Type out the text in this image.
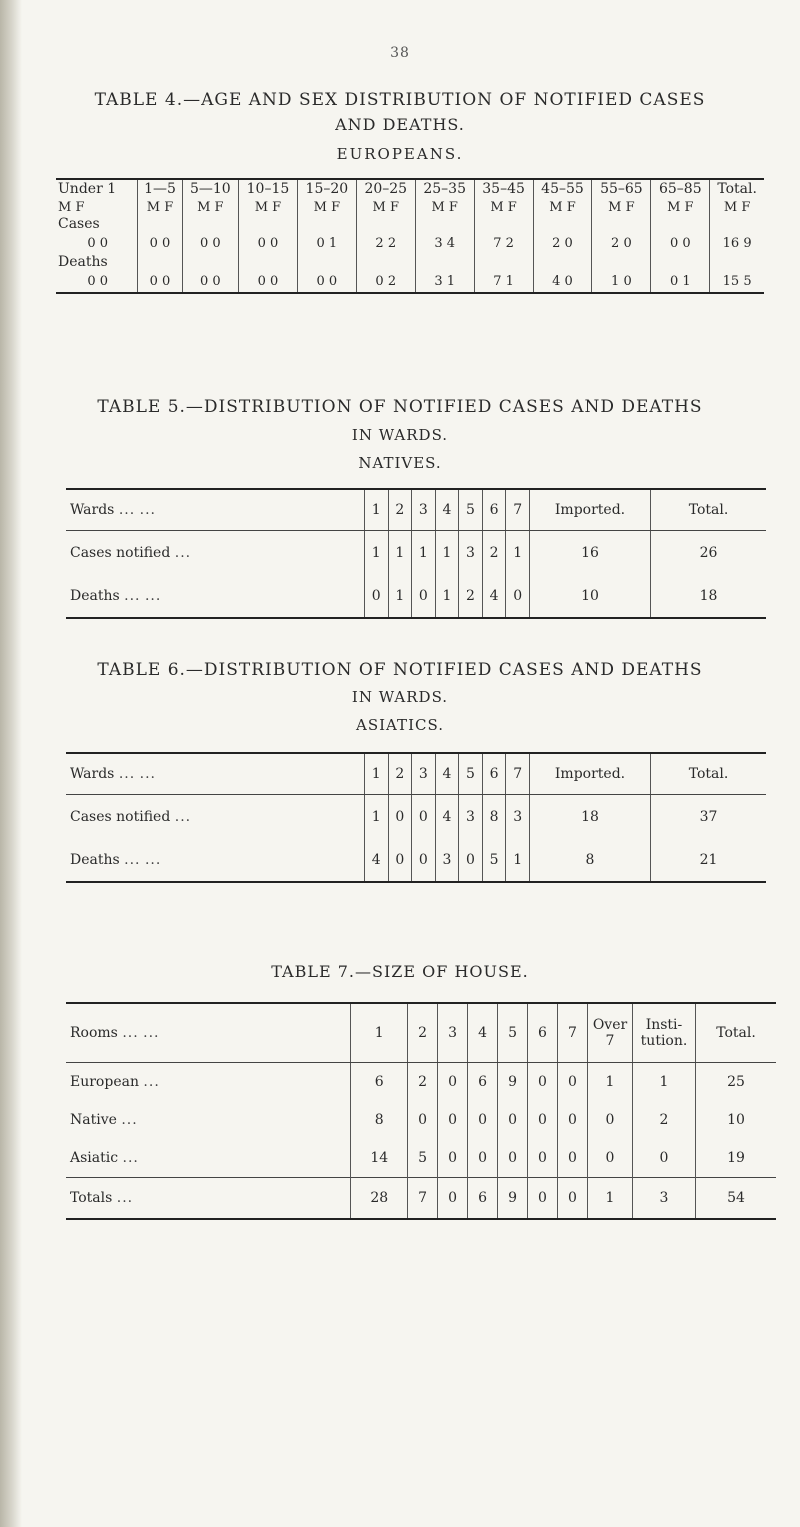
38
TABLE 4.—AGE AND SEX DISTRIBUTION OF NOTIFIED CASES
AND DEATHS.
EUROPEANS.
Under 1	1—5	5—10	10–15	15–20	20–25	25–35	35–45	45–55	55–65	65–85	Total.
M F	M F	M F	M F	M F	M F	M F	M F	M F	M F	M F	M F
Cases											
0 0	0 0	0 0	0 0	0 1	2 2	3 4	7 2	2 0	2 0	0 0	16 9
Deaths											
0 0	0 0	0 0	0 0	0 0	0 2	3 1	7 1	4 0	1 0	0 1	15 5
TABLE 5.—DISTRIBUTION OF NOTIFIED CASES AND DEATHS
IN WARDS.
NATIVES.
Wards ... ...	1	2	3	4	5	6	7	Imported.	Total.
Cases notified ...	1	1	1	1	3	2	1	16	26
Deaths ... ...	0	1	0	1	2	4	0	10	18
TABLE 6.—DISTRIBUTION OF NOTIFIED CASES AND DEATHS
IN WARDS.
ASIATICS.
Wards ... ...	1	2	3	4	5	6	7	Imported.	Total.
Cases notified ...	1	0	0	4	3	8	3	18	37
Deaths ... ...	4	0	0	3	0	5	1	8	21
TABLE 7.—SIZE OF HOUSE.
Rooms ... ...	1	2	3	4	5	6	7	Over 7	Insti-tution.	Total.
European ...	6	2	0	6	9	0	0	1	1	25
Native ...	8	0	0	0	0	0	0	0	2	10
Asiatic ...	14	5	0	0	0	0	0	0	0	19
Totals ...	28	7	0	6	9	0	0	1	3	54
